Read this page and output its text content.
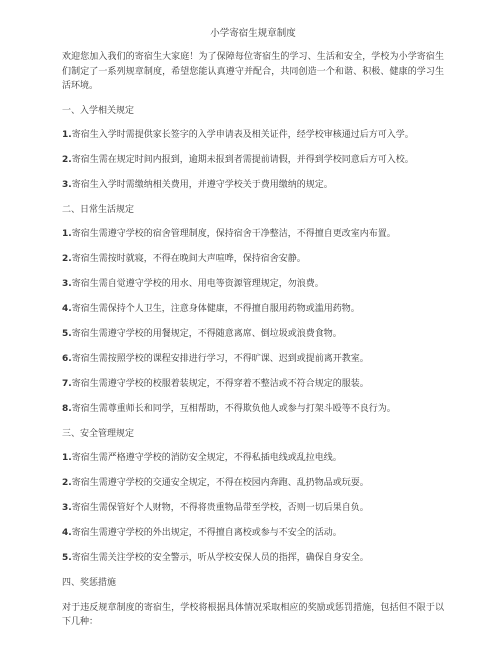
小学寄宿生规章制度
欢迎您加入我们的寄宿生大家庭！为了保障每位寄宿生的学习、生活和安全，学校为小学寄宿生们制定了一系列规章制度，希望您能认真遵守并配合，共同创造一个和谐、积极、健康的学习生活环境。
一、入学相关规定
1.寄宿生入学时需提供家长签字的入学申请表及相关证件，经学校审核通过后方可入学。
2.寄宿生需在规定时间内报到，逾期未报到者需提前请假，并得到学校同意后方可入校。
3.寄宿生入学时需缴纳相关费用，并遵守学校关于费用缴纳的规定。
二、日常生活规定
1.寄宿生需遵守学校的宿舍管理制度，保持宿舍干净整洁，不得擅自更改室内布置。
2.寄宿生需按时就寝，不得在晚间大声喧哗，保持宿舍安静。
3.寄宿生需自觉遵守学校的用水、用电等资源管理规定，勿浪费。
4.寄宿生需保持个人卫生，注意身体健康，不得擅自服用药物或滥用药物。
5.寄宿生需遵守学校的用餐规定，不得随意离席、倒垃圾或浪费食物。
6.寄宿生需按照学校的课程安排进行学习，不得旷课、迟到或提前离开教室。
7.寄宿生需遵守学校的校服着装规定，不得穿着不整洁或不符合规定的服装。
8.寄宿生需尊重师长和同学，互相帮助，不得欺负他人或参与打架斗殴等不良行为。
三、安全管理规定
1.寄宿生需严格遵守学校的消防安全规定，不得私插电线或乱拉电线。
2.寄宿生需遵守学校的交通安全规定，不得在校园内奔跑、乱扔物品或玩耍。
3.寄宿生需保管好个人财物，不得将贵重物品带至学校，否则一切后果自负。
4.寄宿生需遵守学校的外出规定，不得擅自离校或参与不安全的活动。
5.寄宿生需关注学校的安全警示，听从学校安保人员的指挥，确保自身安全。
四、奖惩措施
对于违反规章制度的寄宿生，学校将根据具体情况采取相应的奖励或惩罚措施，包括但不限于以下几种：
